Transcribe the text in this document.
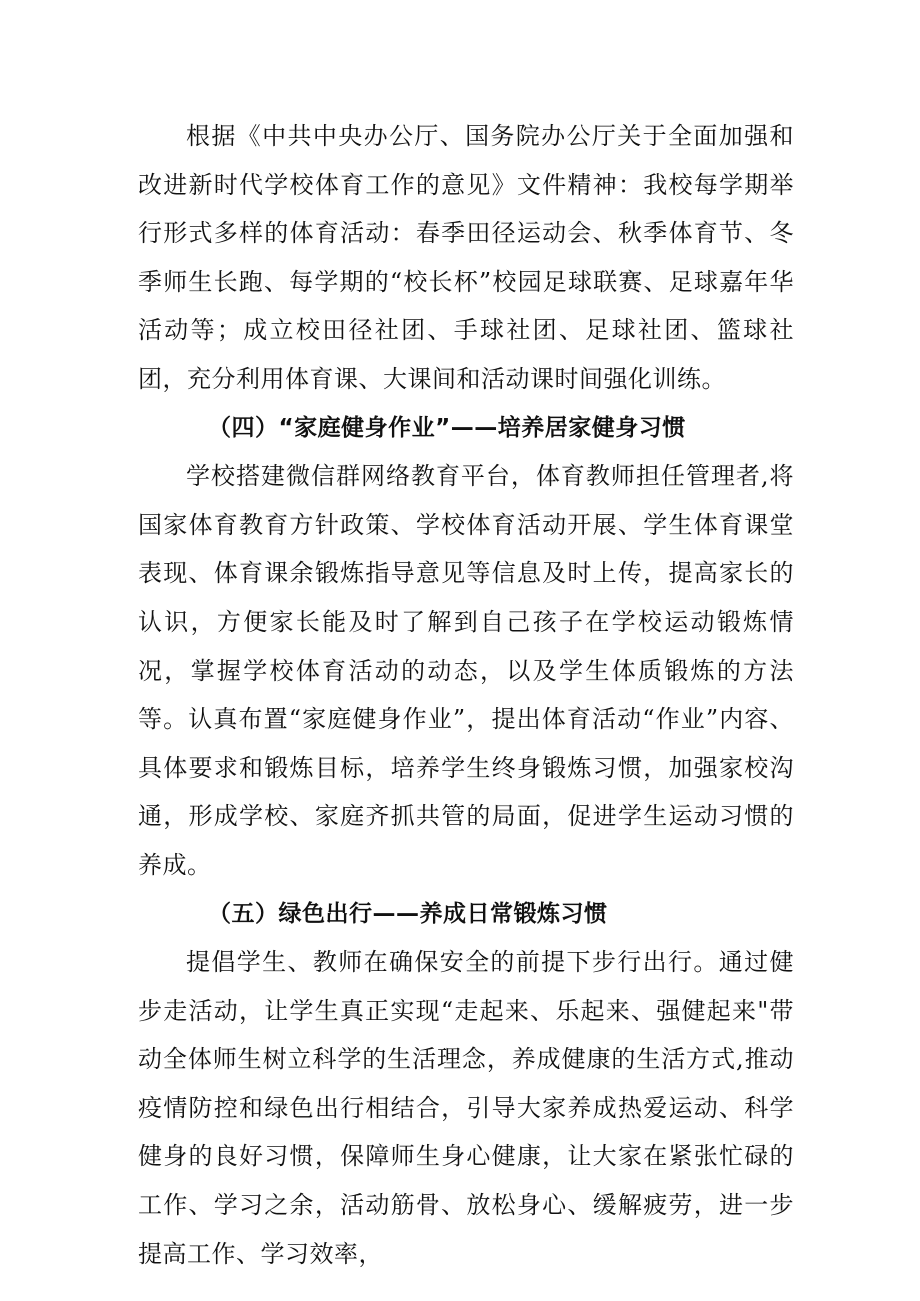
根据《中共中央办公厅、国务院办公厅关于全面加强和改进新时代学校体育工作的意见》文件精神：我校每学期举行形式多样的体育活动：春季田径运动会、秋季体育节、冬季师生长跑、每学期的“校长杯”校园足球联赛、足球嘉年华活动等；成立校田径社团、手球社团、足球社团、篮球社团，充分利用体育课、大课间和活动课时间强化训练。

（四）“家庭健身作业”——培养居家健身习惯

学校搭建微信群网络教育平台，体育教师担任管理者,将国家体育教育方针政策、学校体育活动开展、学生体育课堂表现、体育课余锻炼指导意见等信息及时上传，提高家长的认识，方便家长能及时了解到自己孩子在学校运动锻炼情况，掌握学校体育活动的动态，以及学生体质锻炼的方法等。认真布置“家庭健身作业”，提出体育活动“作业”内容、具体要求和锻炼目标，培养学生终身锻炼习惯，加强家校沟通，形成学校、家庭齐抓共管的局面，促进学生运动习惯的养成。

（五）绿色出行——养成日常锻炼习惯

提倡学生、教师在确保安全的前提下步行出行。通过健步走活动，让学生真正实现“走起来、乐起来、强健起来"带动全体师生树立科学的生活理念，养成健康的生活方式,推动疫情防控和绿色出行相结合，引导大家养成热爱运动、科学健身的良好习惯，保障师生身心健康，让大家在紧张忙碌的工作、学习之余，活动筋骨、放松身心、缓解疲劳，进一步提高工作、学习效率，
